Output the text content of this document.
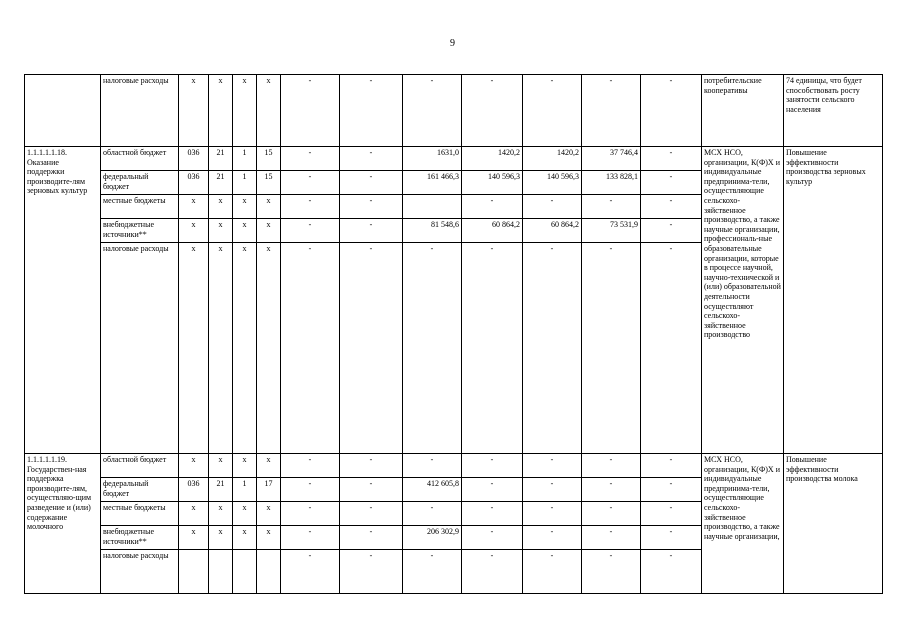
9
	налоговые расходы	x	x	x	x	-	-	-	-	-	-	-	потребительские кооперативы	74 единицы, что будет способствовать росту занятости сельского населения
1.1.1.1.1.18. Оказание поддержки производите-лям зерновых культур	областной бюджет	036	21	1	15	-	-	1631,0	1420,2	1420,2	37 746,4	-	МСХ НСО, организации, К(Ф)Х и индивидуальные предпринима-тели, осуществляющие сельскохо-зяйственное производство, а также научные организации, профессиональ-ные образовательные организации, которые в процессе научной, научно-технической и (или) образовательной деятельности осуществляют сельскохо-зяйственное производство	Повышение эффективности производства зерновых культур
	федеральный бюджет	036	21	1	15	-	-	161 466,3	140 596,3	140 596,3	133 828,1	-		
	местные бюджеты	x	x	x	x	-	-		-	-	-	-		
	внебюджетные источники**	x	x	x	x	-	-	81 548,6	60 864,2	60 864,2	73 531,9	-		
	налоговые расходы	x	x	x	x	-	-	-	-	-	-	-		
1.1.1.1.1.19. Государствен-ная поддержка производите-лям, осуществляю-щим разведение и (или) содержание молочного	областной бюджет	x	x	x	x	-	-	-	-	-	-	-	МСХ НСО, организации, К(Ф)Х и индивидуальные предпринима-тели, осуществляющие сельскохо-зяйственное производство, а также научные организации,	Повышение эффективности производства молока
	федеральный бюджет	036	21	1	17	-	-	412 605,8	-	-	-	-		
	местные бюджеты	x	x	x	x	-	-	-	-	-	-	-		
	внебюджетные источники**	x	x	x	x	-	-	206 302,9	-	-	-	-		
	налоговые расходы					-	-	-	-	-	-	-		
